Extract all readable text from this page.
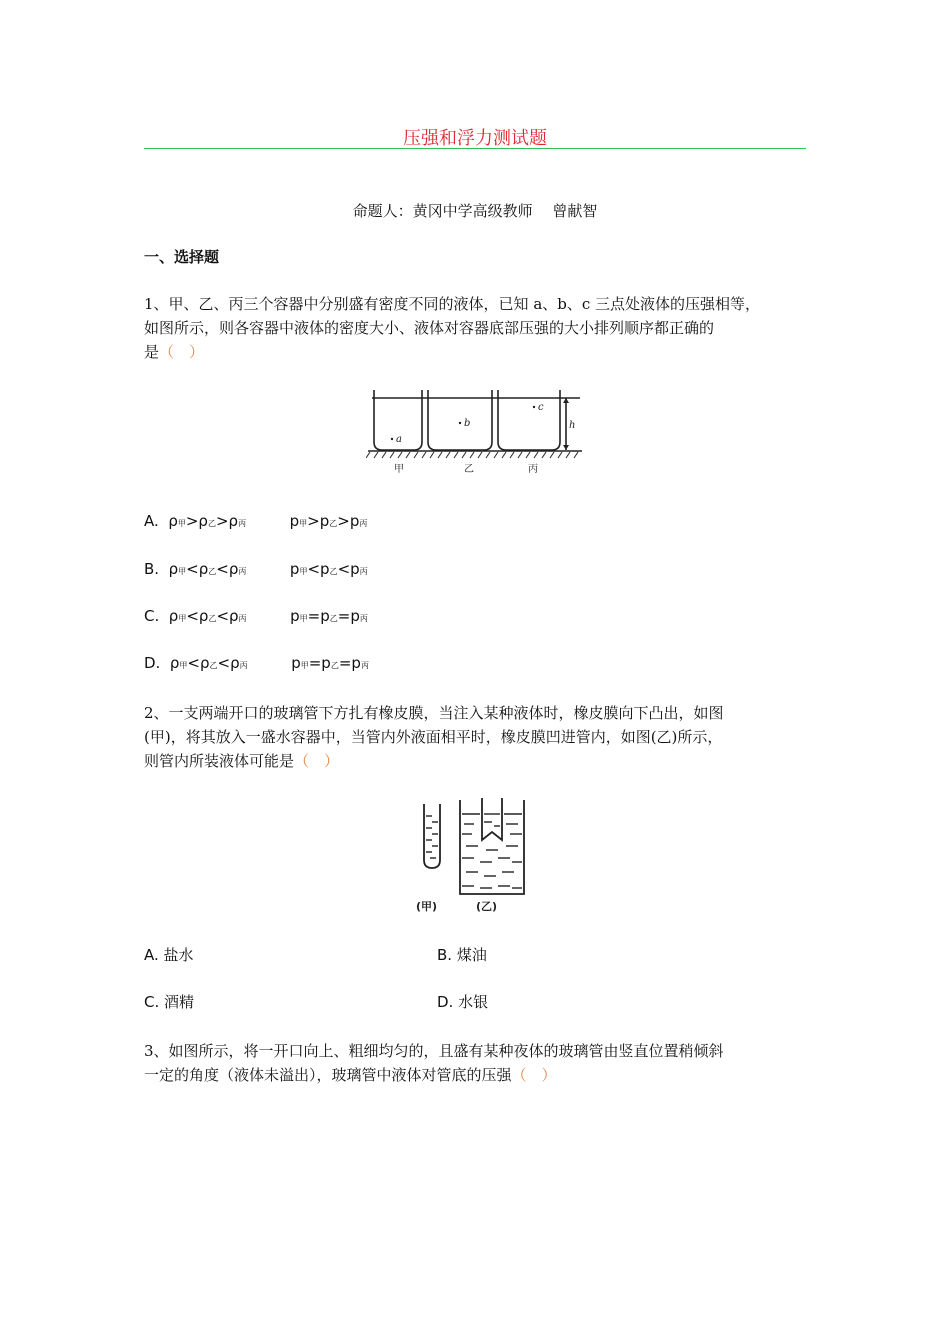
压强和浮力测试题
命题人：黄冈中学高级教师　 曾献智
一、选择题
1、甲、乙、丙三个容器中分别盛有密度不同的液体，已知 a、b、c 三点处液体的压强相等，
如图所示，则各容器中液体的密度大小、液体对容器底部压强的大小排列顺序都正确的
是（　）
a
b
c
h
甲	乙	丙
A. ρ甲>ρ乙>ρ丙	p甲>p乙>p丙
B. ρ甲<ρ乙<ρ丙	p甲<p乙<p丙
C. ρ甲<ρ乙<ρ丙	p甲=p乙=p丙
D. ρ甲<ρ乙<ρ丙	p甲=p乙=p丙
2、一支两端开口的玻璃管下方扎有橡皮膜，当注入某种液体时，橡皮膜向下凸出，如图
(甲)，将其放入一盛水容器中，当管内外液面相平时，橡皮膜凹进管内，如图(乙)所示，
则管内所装液体可能是（　）
(甲)	(乙)
A. 盐水	B. 煤油
C. 酒精	D. 水银
3、如图所示，将一开口向上、粗细均匀的，且盛有某种夜体的玻璃管由竖直位置稍倾斜
一定的角度（液体未溢出），玻璃管中液体对管底的压强（　）
